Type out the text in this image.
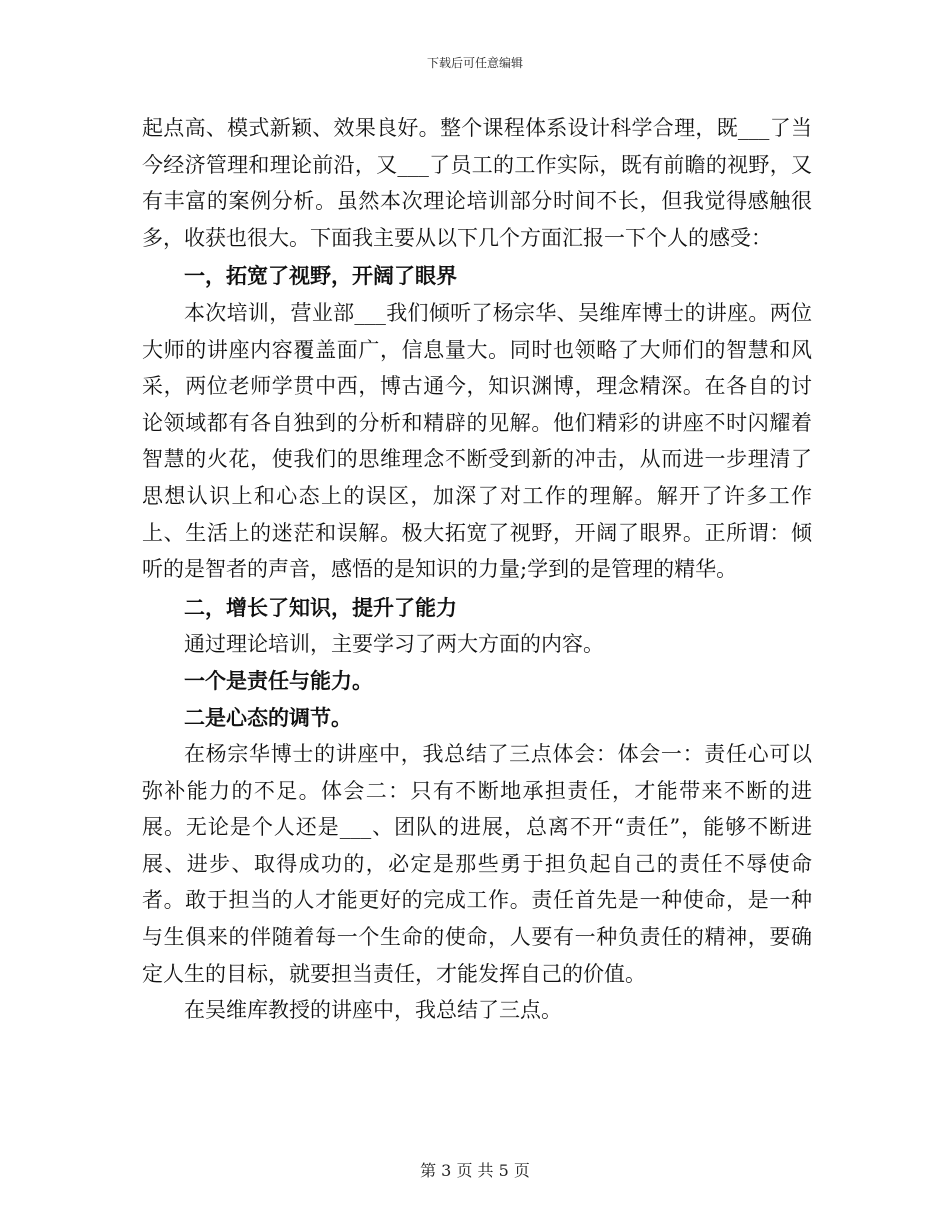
下载后可任意编辑

起点高、模式新颖、效果良好。整个课程体系设计科学合理，既___了当今经济管理和理论前沿，又___了员工的工作实际，既有前瞻的视野，又有丰富的案例分析。虽然本次理论培训部分时间不长，但我觉得感触很多，收获也很大。下面我主要从以下几个方面汇报一下个人的感受：

一，拓宽了视野，开阔了眼界

本次培训，营业部___我们倾听了杨宗华、吴维库博士的讲座。两位大师的讲座内容覆盖面广，信息量大。同时也领略了大师们的智慧和风采，两位老师学贯中西，博古通今，知识渊博，理念精深。在各自的讨论领域都有各自独到的分析和精辟的见解。他们精彩的讲座不时闪耀着智慧的火花，使我们的思维理念不断受到新的冲击，从而进一步理清了思想认识上和心态上的误区，加深了对工作的理解。解开了许多工作上、生活上的迷茫和误解。极大拓宽了视野，开阔了眼界。正所谓：倾听的是智者的声音，感悟的是知识的力量;学到的是管理的精华。

二，增长了知识，提升了能力

通过理论培训，主要学习了两大方面的内容。

一个是责任与能力。

二是心态的调节。

在杨宗华博士的讲座中，我总结了三点体会：体会一：责任心可以弥补能力的不足。体会二：只有不断地承担责任，才能带来不断的进展。无论是个人还是___、团队的进展，总离不开“责任”，能够不断进展、进步、取得成功的，必定是那些勇于担负起自己的责任不辱使命者。敢于担当的人才能更好的完成工作。责任首先是一种使命，是一种与生俱来的伴随着每一个生命的使命，人要有一种负责任的精神，要确定人生的目标，就要担当责任，才能发挥自己的价值。

在吴维库教授的讲座中，我总结了三点。

第 3 页 共 5 页
